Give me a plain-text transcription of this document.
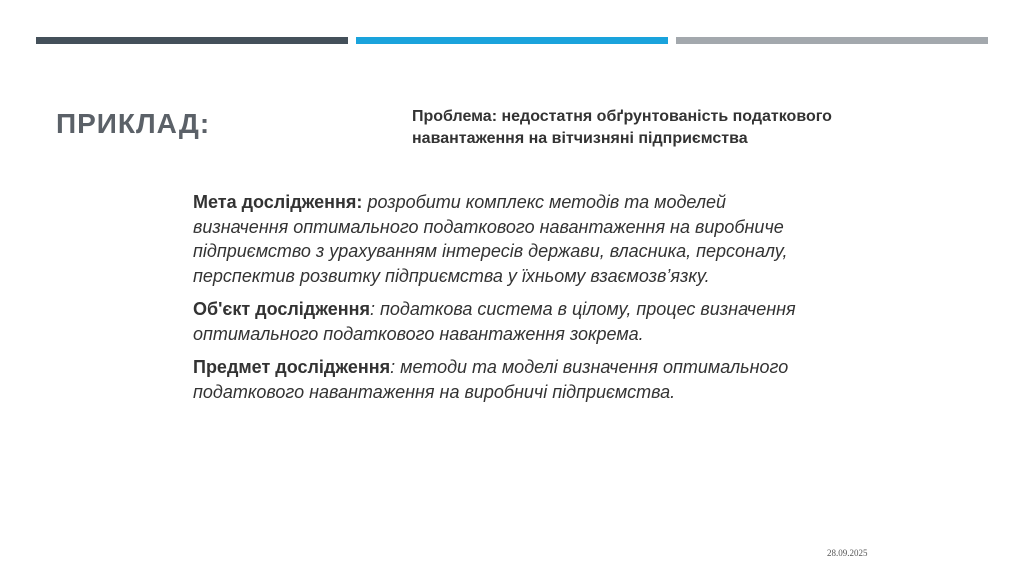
ПРИКЛАД:	Проблема: недостатня обґрунтованість податкового навантаження на вітчизняні підприємства

Мета дослідження: розробити комплекс методів та моделей визначення оптимального податкового навантаження на виробниче підприємство з урахуванням інтересів держави, власника, персоналу, перспектив розвитку підприємства у їхньому взаємозв’язку.

Об'єкт дослідження: податкова система в цілому, процес визначення оптимального податкового навантаження зокрема.

Предмет дослідження: методи та моделі визначення оптимального податкового навантаження на виробничі підприємства.

28.09.2025
